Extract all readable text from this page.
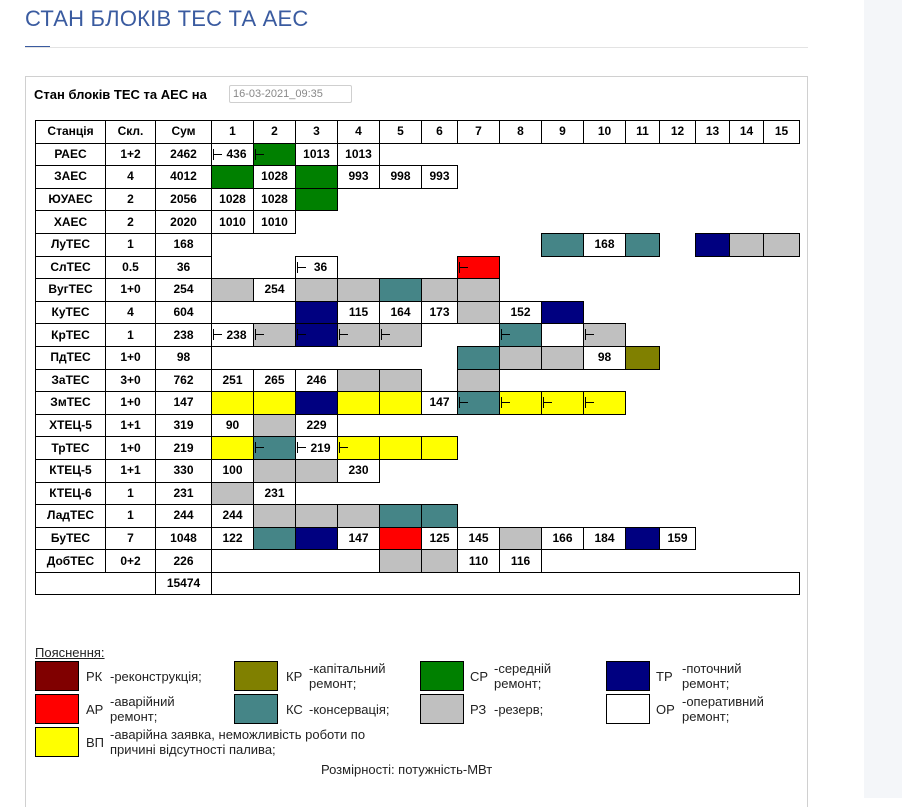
СТАН БЛОКІВ ТЕС ТА АЕС
Стан блоків ТЕС та АЕС на
16-03-2021_09:35
Станція	Скл.	Сум	1	2	3	4	5	6	7	8	9	10	11	12	13	14	15
РАЕС	1+2	2462	436		1013	1013											
ЗАЕС	4	4012		1028		993	998	993									
ЮУАЕС	2	2056	1028	1028													
ХАЕС	2	2020	1010	1010													
ЛуТЕС	1	168										168					
СлТЕС	0.5	36			36				

ВугТЕС	1+0	254		254													
КуТЕС	4	604				115	164	173		152							
КрТЕС	1	238	238	

ПдТЕС	1+0	98										98					
ЗаТЕС	3+0	762	251	265	246												
ЗмТЕС	1+0	147						147	

ХТЕЦ-5	1+1	319	90		229												
ТрТЕС	1+0	219			219	

КТЕЦ-5	1+1	330	100			230											
КТЕЦ-6	1	231		231													
ЛадТЕС	1	244	244														
БуТЕС	7	1048	122			147		125	145		166	184		159			
ДобТЕС	0+2	226							110	116							
		15474															
Пояснення:
РК -реконструкція;	КР
-капітальний ремонт;	СР
-середній ремонт;	ТР
-поточний ремонт;
АР
-аварійний ремонт;	КС -консервація;	РЗ -резерв;	ОР
-оперативний ремонт;
ВП
-аварійна заявка, неможливість роботи по причині відсутності палива;
Розмірності: потужність-МВт
